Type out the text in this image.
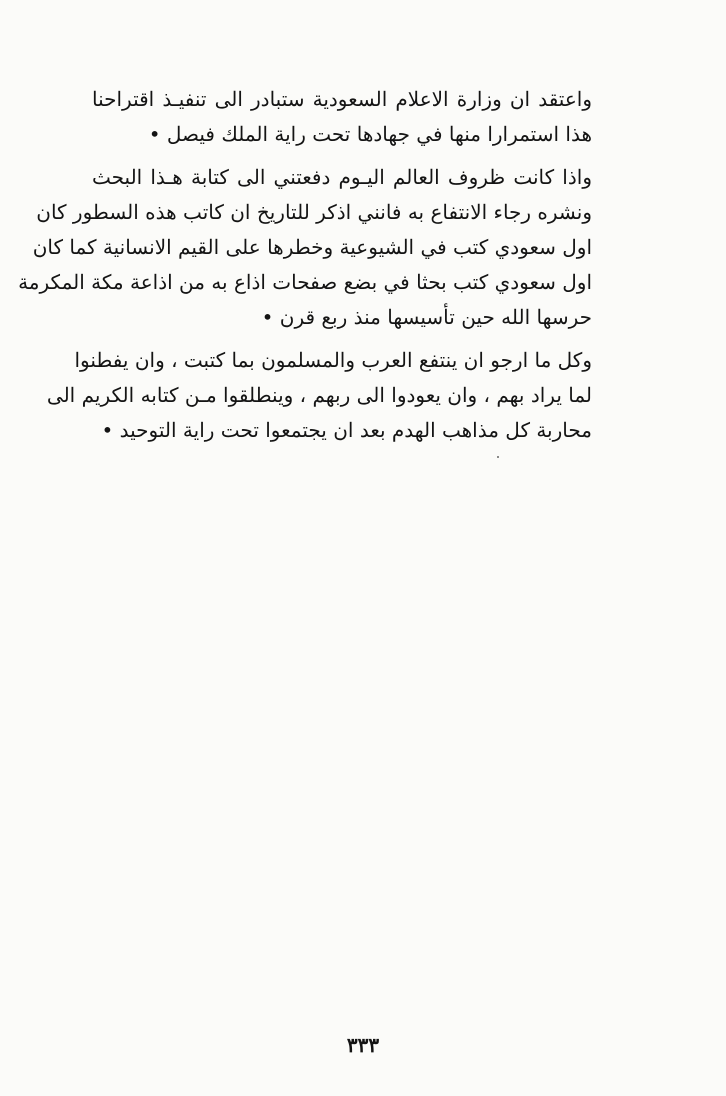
واعتقد ان وزارة الاعلام السعودية ستبادر الى تنفيـذ اقتراحنا
هذا استمرارا منها في جهادها تحت راية الملك فيصل •

واذا كانت ظروف العالم اليـوم دفعتني الى كتابة هـذا البحث
ونشره رجاء الانتفاع به فانني اذكر للتاريخ ان كاتب هذه السطور كان
اول سعودي كتب في الشيوعية وخطرها على القيم الانسانية كما كان
اول سعودي كتب بحثا في بضع صفحات اذاع به من اذاعة مكة المكرمة
حرسها الله حين تأسيسها منذ ربع قرن •

وكل ما ارجو ان ينتفع العرب والمسلمون بما كتبت ، وان يفطنوا
لما يراد بهم ، وان يعودوا الى ربهم ، وينطلقوا مـن كتابه الكريم الى
محاربة كل مذاهب الهدم بعد ان يجتمعوا تحت راية التوحيد •

٣٣٣
